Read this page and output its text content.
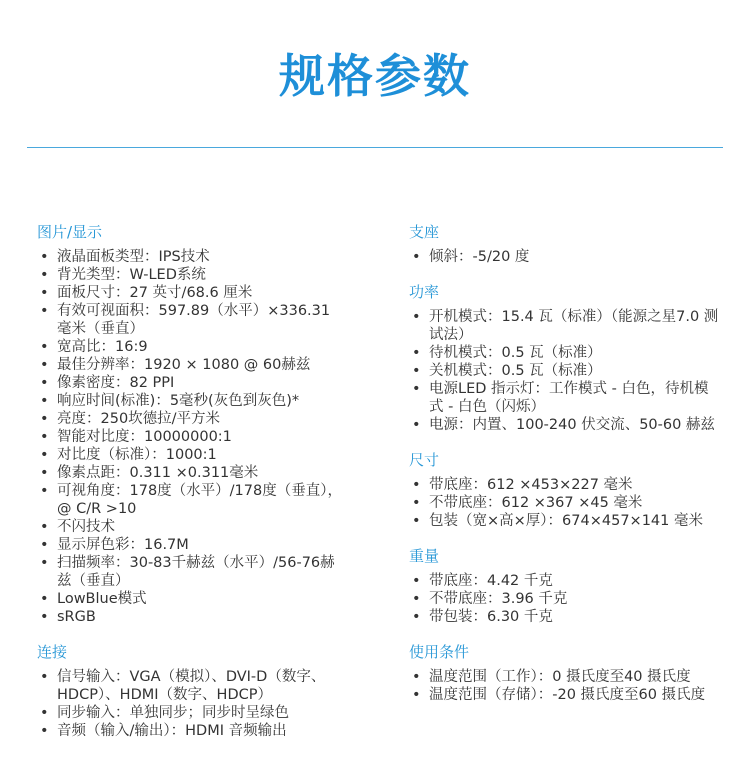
规格参数
图片/显示
• 液晶面板类型：IPS技术
• 背光类型：W-LED系统
• 面板尺寸：27 英寸/68.6 厘米
• 有效可视面积：597.89（水平）×336.31 毫米（垂直）
• 宽高比：16:9
• 最佳分辨率：1920 × 1080 @ 60赫兹
• 像素密度：82 PPI
• 响应时间(标准)：5毫秒(灰色到灰色)*
• 亮度：250坎德拉/平方米
• 智能对比度：10000000:1
• 对比度（标准）：1000:1
• 像素点距：0.311 ×0.311毫米
• 可视角度：178度（水平）/178度（垂直），@ C/R >10
• 不闪技术
• 显示屏色彩：16.7M
• 扫描频率：30-83千赫兹（水平）/56-76赫兹（垂直）
• LowBlue模式
• sRGB
连接
• 信号输入：VGA（模拟）、DVI-D（数字、HDCP）、HDMI（数字、HDCP）
• 同步输入：单独同步；同步时呈绿色
• 音频（输入/输出）：HDMI 音频输出
支座
• 倾斜：-5/20 度
功率
• 开机模式：15.4 瓦（标准）（能源之星7.0 测试法）
• 待机模式：0.5 瓦（标准）
• 关机模式：0.5 瓦（标准）
• 电源LED 指示灯：工作模式 - 白色，待机模式 - 白色（闪烁）
• 电源：内置、100-240 伏交流、50-60 赫兹
尺寸
• 带底座：612 ×453×227 毫米
• 不带底座：612 ×367 ×45 毫米
• 包装（宽×高×厚）：674×457×141 毫米
重量
• 带底座：4.42 千克
• 不带底座：3.96 千克
• 带包装：6.30 千克
使用条件
• 温度范围（工作）：0 摄氏度至40 摄氏度
• 温度范围（存储）：-20 摄氏度至60 摄氏度
